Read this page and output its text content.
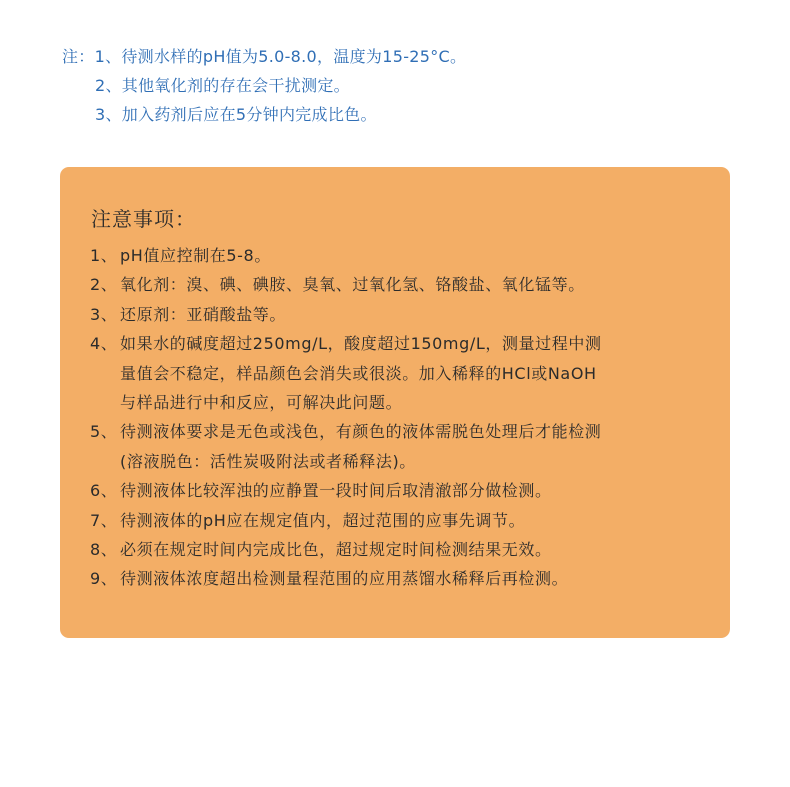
注：1、待测水样的pH值为5.0-8.0，温度为15-25°C。
2、其他氧化剂的存在会干扰测定。
3、加入药剂后应在5分钟内完成比色。
注意事项：
1、 pH值应控制在5-8。
2、 氧化剂：溴、碘、碘胺、臭氧、过氧化氢、铬酸盐、氧化锰等。
3、 还原剂：亚硝酸盐等。
4、 如果水的碱度超过250mg/L，酸度超过150mg/L，测量过程中测
量值会不稳定，样品颜色会消失或很淡。加入稀释的HCl或NaOH
与样品进行中和反应，可解决此问题。
5、 待测液体要求是无色或浅色，有颜色的液体需脱色处理后才能检测
(溶液脱色：活性炭吸附法或者稀释法)。
6、 待测液体比较浑浊的应静置一段时间后取清澈部分做检测。
7、 待测液体的pH应在规定值内，超过范围的应事先调节。
8、 必须在规定时间内完成比色，超过规定时间检测结果无效。
9、 待测液体浓度超出检测量程范围的应用蒸馏水稀释后再检测。
